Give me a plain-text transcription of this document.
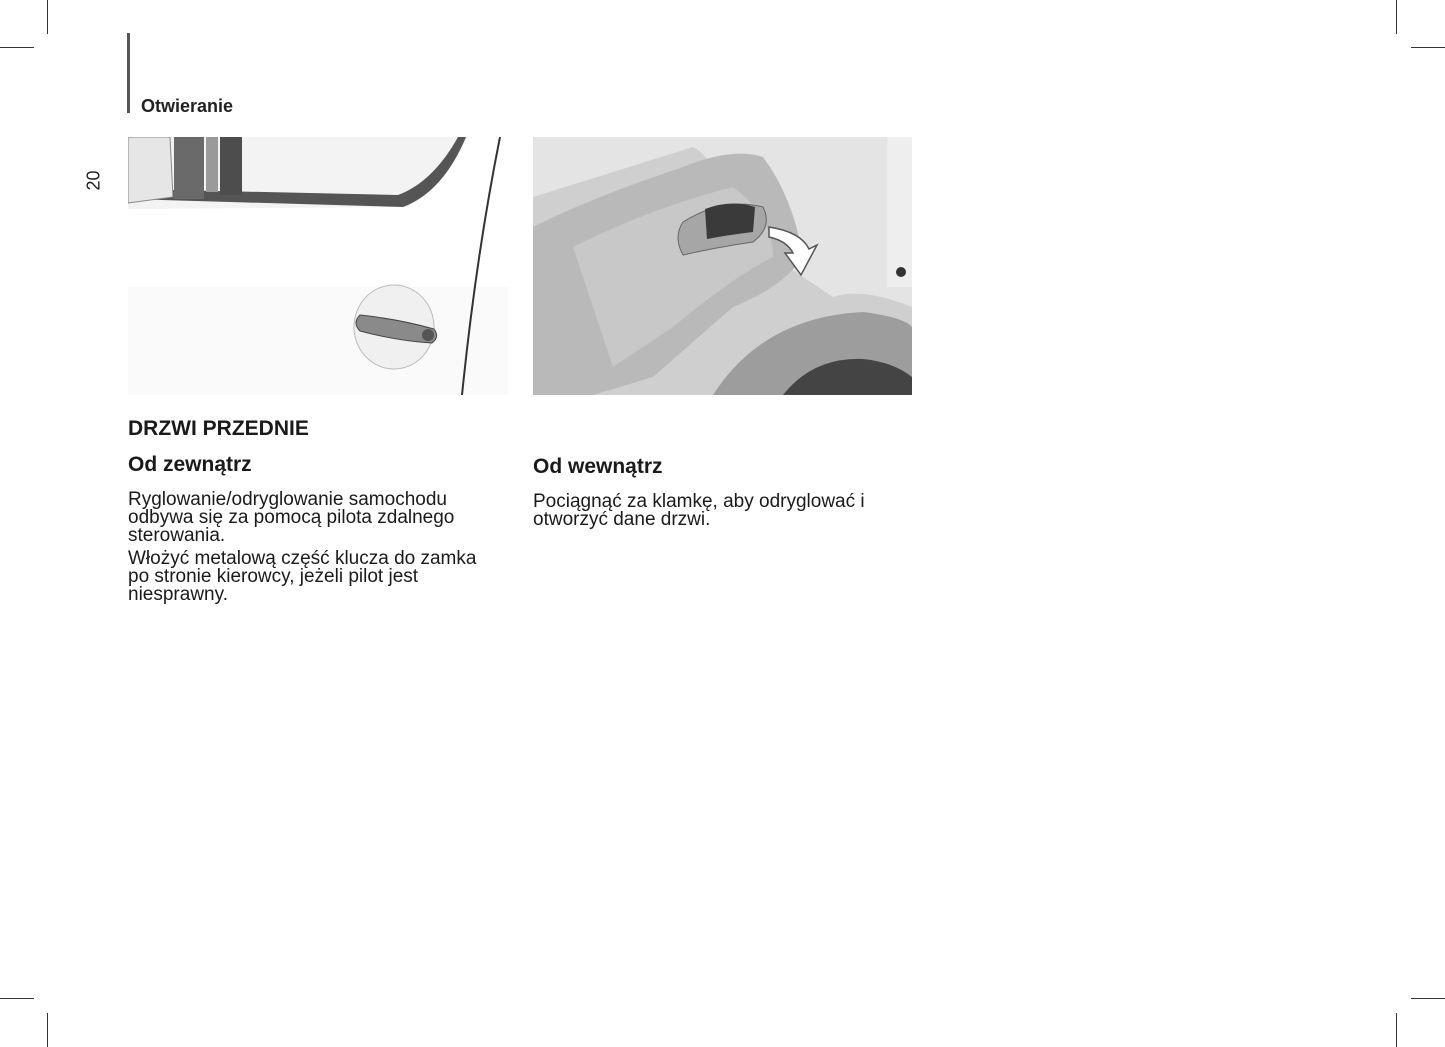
Otwieranie
20
DRZWI PRZEDNIE
Od zewnątrz

Ryglowanie/odryglowanie samochodu odbywa się za pomocą pilota zdalnego sterowania.

Włożyć metalową część klucza do zamka po stronie kierowcy, jeżeli pilot jest niesprawny.

Od wewnątrz

Pociągnąć za klamkę, aby odryglować i otworzyć dane drzwi.
